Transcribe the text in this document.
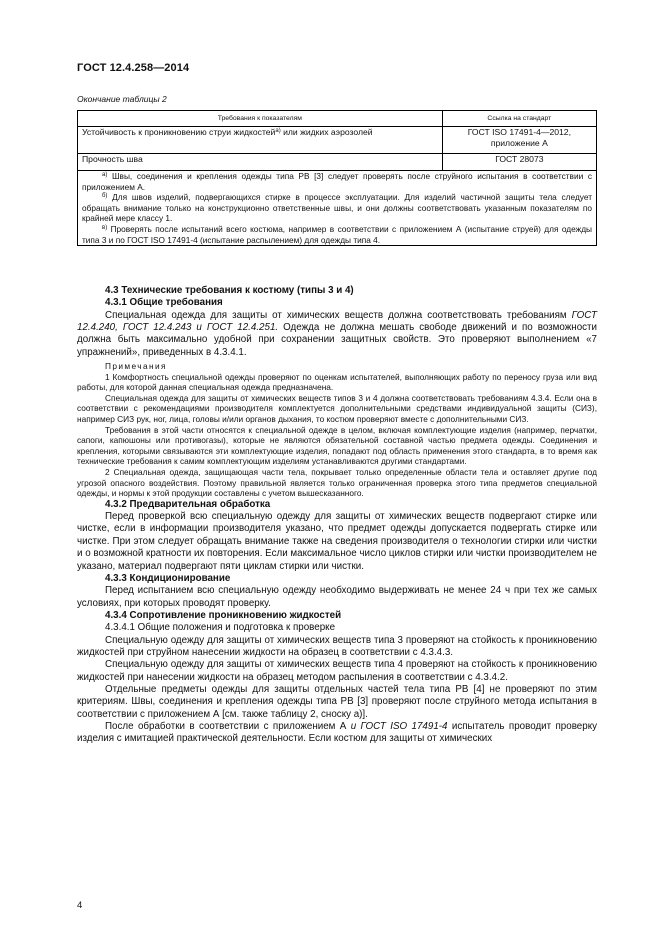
ГОСТ 12.4.258—2014
Окончание таблицы 2
Требования к показателям	Ссылка на стандарт
Устойчивость к проникновению струи жидкостей$^{а)}$ или жидких аэрозолей	ГОСТ ISO 17491-4—2012,
приложение А

Прочность шва	ГОСТ 28073

$^{а)}$ Швы, соединения и крепления одежды типа РВ [3] следует проверять после струйного испытания в соответствии с приложением А.

$^{б)}$ Для швов изделий, подвергающихся стирке в процессе эксплуатации. Для изделий частичной защиты тела следует обращать внимание только на конструкционно ответственные швы, и они должны соответствовать указанным показателям по крайней мере классу 1.

$^{в)}$ Проверять после испытаний всего костюма, например в соответствии с приложением А (испытание струей) для одежды типа 3 и по ГОСТ ISO 17491-4 (испытание распылением) для одежды типа 4.	

4.3 Технические требования к костюму (типы 3 и 4)

4.3.1 Общие требования

Специальная одежда для защиты от химических веществ должна соответствовать требованиям ГОСТ 12.4.240, ГОСТ 12.4.243 и ГОСТ 12.4.251. Одежда не должна мешать свободе движений и по возможности должна быть максимально удобной при сохранении защитных свойств. Это проверяют выполнением «7 упражнений», приведенных в 4.3.4.1.

Примечания

1 Комфортность специальной одежды проверяют по оценкам испытателей, выполняющих работу по переносу груза или вид работы, для которой данная специальная одежда предназначена.

Специальная одежда для защиты от химических веществ типов 3 и 4 должна соответствовать требованиям 4.3.4. Если она в соответствии с рекомендациями производителя комплектуется дополнительными средствами индивидуальной защиты (СИЗ), например СИЗ рук, ног, лица, головы и/или органов дыхания, то костюм проверяют вместе с дополнительными СИЗ.

Требования в этой части относятся к специальной одежде в целом, включая комплектующие изделия (например, перчатки, сапоги, капюшоны или противогазы), которые не являются обязательной составной частью предмета одежды. Соединения и крепления, которыми связываются эти комплектующие изделия, попадают под область применения этого стандарта, в то время как технические требования к самим комплектующим изделиям устанавливаются другими стандартами.

2 Специальная одежда, защищающая части тела, покрывает только определенные области тела и оставляет другие под угрозой опасного воздействия. Поэтому правильной является только ограниченная проверка этого типа предметов специальной одежды, и нормы к этой продукции составлены с учетом вышесказанного.

4.3.2 Предварительная обработка

Перед проверкой всю специальную одежду для защиты от химических веществ подвергают стирке или чистке, если в информации производителя указано, что предмет одежды допускается подвергать стирке или чистке. При этом следует обращать внимание также на сведения производителя о технологии стирки или чистки и о возможной кратности их повторения. Если максимальное число циклов стирки или чистки производителем не указано, материал подвергают пяти циклам стирки или чистки.

4.3.3 Кондиционирование

Перед испытанием всю специальную одежду необходимо выдерживать не менее 24 ч при тех же самых условиях, при которых проводят проверку.

4.3.4 Сопротивление проникновению жидкостей

4.3.4.1 Общие положения и подготовка к проверке

Специальную одежду для защиты от химических веществ типа 3 проверяют на стойкость к проникновению жидкостей при струйном нанесении жидкости на образец в соответствии с 4.3.4.3.

Специальную одежду для защиты от химических веществ типа 4 проверяют на стойкость к проникновению жидкостей при нанесении жидкости на образец методом распыления в соответствии с 4.3.4.2.

Отдельные предметы одежды для защиты отдельных частей тела типа РВ [4] не проверяют по этим критериям. Швы, соединения и крепления одежды типа РВ [3] проверяют после струйного метода испытания в соответствии с приложением А [см. также таблицу 2, сноску а)].

После обработки в соответствии с приложением А и ГОСТ ISO 17491-4 испытатель проводит проверку изделия с имитацией практической деятельности. Если костюм для защиты от химических

4
